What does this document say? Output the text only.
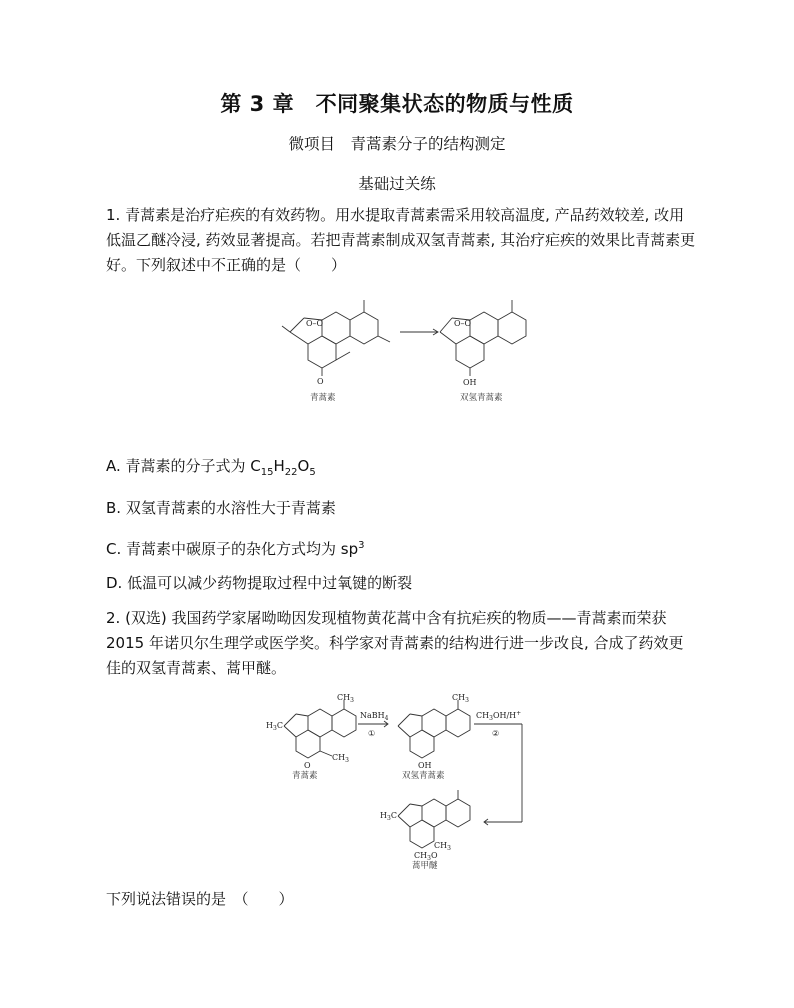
第 3 章　不同聚集状态的物质与性质
微项目　青蒿素分子的结构测定
基础过关练
1. 青蒿素是治疗疟疾的有效药物。用水提取青蒿素需采用较高温度, 产品药效较差, 改用低温乙醚冷浸, 药效显著提高。若把青蒿素制成双氢青蒿素, 其治疗疟疾的效果比青蒿素更好。下列叙述中不正确的是（　　）
O–O
O
O–O
OH
青蒿素	双氢青蒿素
A. 青蒿素的分子式为 $C_{15}H_{22}O_5$
B. 双氢青蒿素的水溶性大于青蒿素
C. 青蒿素中碳原子的杂化方式均为 $sp^3$
D. 低温可以减少药物提取过程中过氧键的断裂
2. (双选) 我国药学家屠呦呦因发现植物黄花蒿中含有抗疟疾的物质——青蒿素而荣获 2015 年诺贝尔生理学或医学奖。科学家对青蒿素的结构进行进一步改良, 合成了药效更佳的双氢青蒿素、蒿甲醚。
$CH_3$
$H_3C$
$CH_3$
O
青蒿素
NaBH$_4$
①
$CH_3$
OH
双氢青蒿素
$CH_3OH/H^+$
②
$H_3C$
$CH_3$
$CH_3O$
蒿甲醚
下列说法错误的是　（　　）
